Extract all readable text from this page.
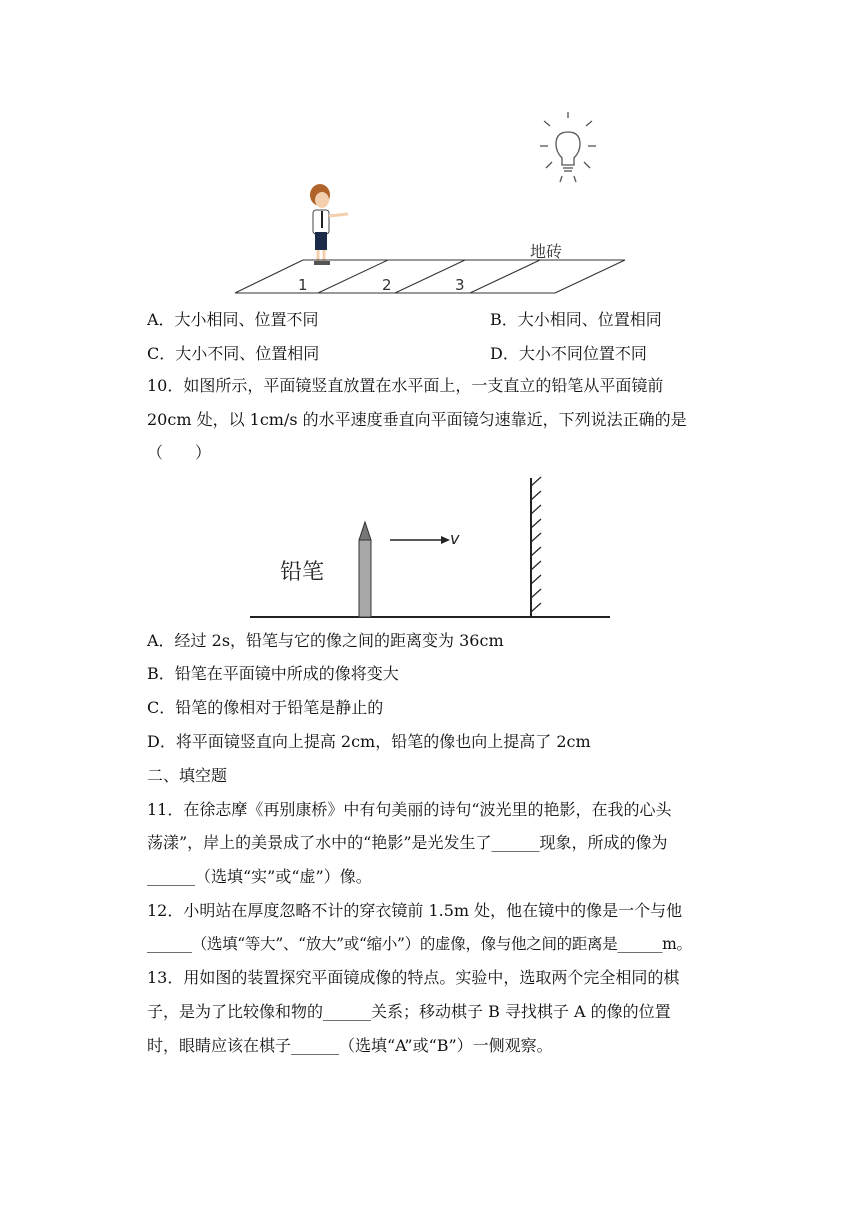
地砖
1	2	3
A．大小相同、位置不同	B．大小相同、位置相同
C．大小不同、位置相同	D．大小不同位置不同
10．如图所示，平面镜竖直放置在水平面上，一支直立的铅笔从平面镜前
20cm 处，以 1cm/s 的水平速度垂直向平面镜匀速靠近，下列说法正确的是
（　　）
铅笔
v
A．经过 2s，铅笔与它的像之间的距离变为 36cm
B．铅笔在平面镜中所成的像将变大
C．铅笔的像相对于铅笔是静止的
D．将平面镜竖直向上提高 2cm，铅笔的像也向上提高了 2cm
二、填空题
11．在徐志摩《再别康桥》中有句美丽的诗句“波光里的艳影，在我的心头
荡漾”，岸上的美景成了水中的“艳影”是光发生了______现象，所成的像为
______（选填“实”或“虚”）像。
12．小明站在厚度忽略不计的穿衣镜前 1.5m 处，他在镜中的像是一个与他
______（选填“等大”、“放大”或“缩小”）的虚像，像与他之间的距离是______m。
13．用如图的装置探究平面镜成像的特点。实验中，选取两个完全相同的棋
子，是为了比较像和物的______关系；移动棋子 B 寻找棋子 A 的像的位置
时，眼睛应该在棋子______（选填“A”或“B”）一侧观察。
